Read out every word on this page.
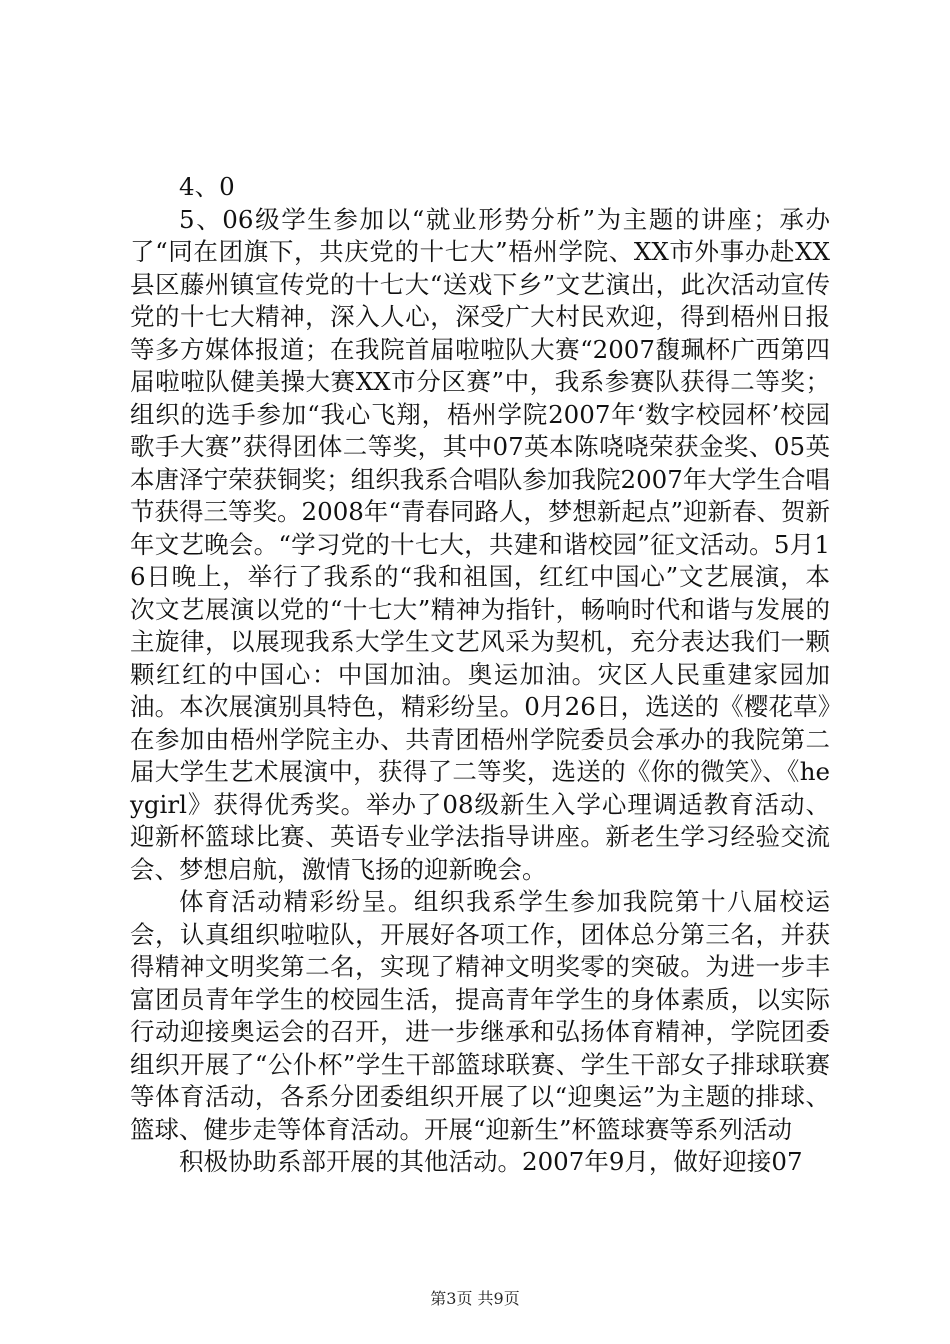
4、0

5、06级学生参加以“就业形势分析”为主题的讲座；承办了“同在团旗下，共庆党的十七大”梧州学院、XX市外事办赴XX县区藤州镇宣传党的十七大“送戏下乡”文艺演出，此次活动宣传党的十七大精神，深入人心，深受广大村民欢迎，得到梧州日报等多方媒体报道；在我院首届啦啦队大赛“2007馥珮杯广西第四届啦啦队健美操大赛XX市分区赛”中，我系参赛队获得二等奖；组织的选手参加“我心飞翔，梧州学院2007年‘数字校园杯’校园歌手大赛”获得团体二等奖，其中07英本陈哓哓荣获金奖、05英本唐泽宁荣获铜奖；组织我系合唱队参加我院2007年大学生合唱节获得三等奖。2008年“青春同路人，梦想新起点”迎新春、贺新年文艺晚会。“学习党的十七大，共建和谐校园”征文活动。5月16日晚上，举行了我系的“我和祖国，红红中国心”文艺展演，本次文艺展演以党的“十七大”精神为指针，畅响时代和谐与发展的主旋律，以展现我系大学生文艺风采为契机，充分表达我们一颗颗红红的中国心：中国加油。奥运加油。灾区人民重建家园加油。本次展演别具特色，精彩纷呈。0月26日，选送的《樱花草》在参加由梧州学院主办、共青团梧州学院委员会承办的我院第二届大学生艺术展演中，获得了二等奖，选送的《你的微笑》、《heygirl》获得优秀奖。举办了08级新生入学心理调适教育活动、迎新杯篮球比赛、英语专业学法指导讲座。新老生学习经验交流会、梦想启航，激情飞扬的迎新晚会。

体育活动精彩纷呈。组织我系学生参加我院第十八届校运会，认真组织啦啦队，开展好各项工作，团体总分第三名，并获得精神文明奖第二名，实现了精神文明奖零的突破。为进一步丰富团员青年学生的校园生活，提高青年学生的身体素质，以实际行动迎接奥运会的召开，进一步继承和弘扬体育精神，学院团委组织开展了“公仆杯”学生干部篮球联赛、学生干部女子排球联赛等体育活动，各系分团委组织开展了以“迎奥运”为主题的排球、篮球、健步走等体育活动。开展“迎新生”杯篮球赛等系列活动

积极协助系部开展的其他活动。2007年9月，做好迎接07

第3页 共9页
